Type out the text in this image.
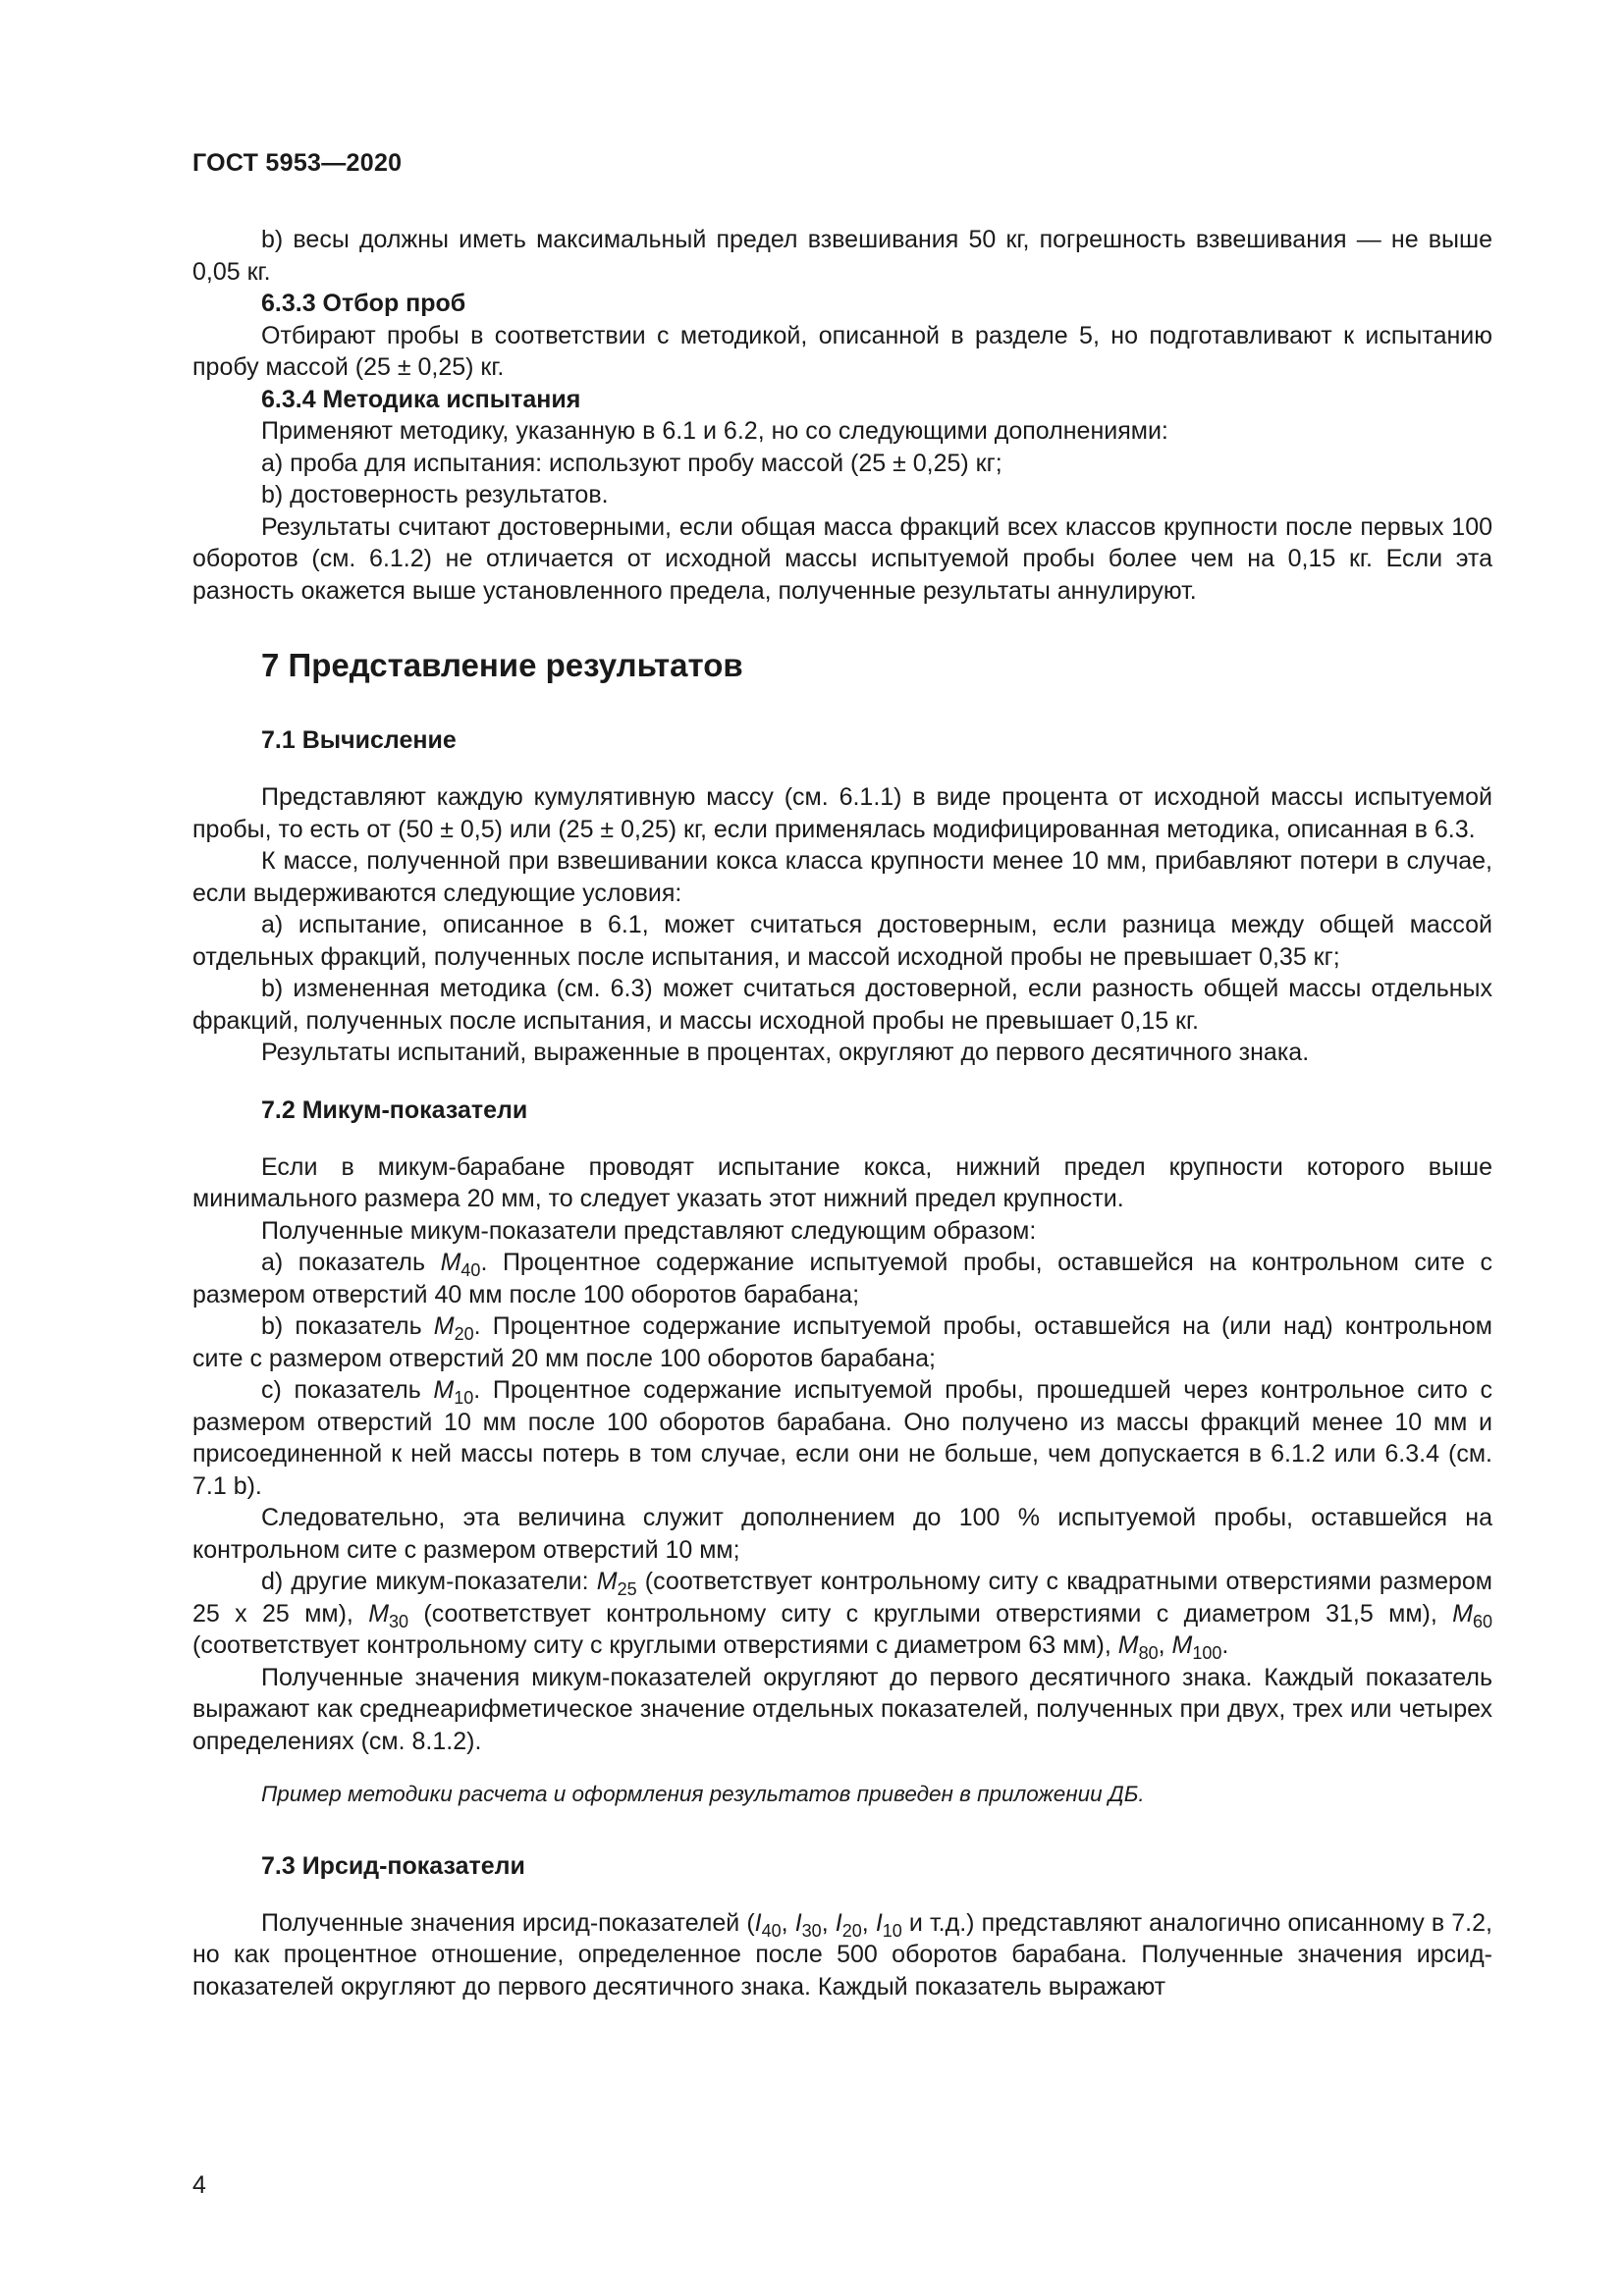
ГОСТ 5953—2020

b) весы должны иметь максимальный предел взвешивания 50 кг, погрешность взвешивания — не выше 0,05 кг.

6.3.3 Отбор проб

Отбирают пробы в соответствии с методикой, описанной в разделе 5, но подготавливают к испытанию пробу массой (25 ± 0,25) кг.

6.3.4 Методика испытания

Применяют методику, указанную в 6.1 и 6.2, но со следующими дополнениями:

а) проба для испытания: используют пробу массой (25 ± 0,25) кг;

b) достоверность результатов.

Результаты считают достоверными, если общая масса фракций всех классов крупности после первых 100 оборотов (см. 6.1.2) не отличается от исходной массы испытуемой пробы более чем на 0,15 кг. Если эта разность окажется выше установленного предела, полученные результаты аннулируют.

7 Представление результатов
7.1 Вычисление

Представляют каждую кумулятивную массу (см. 6.1.1) в виде процента от исходной массы испытуемой пробы, то есть от (50 ± 0,5) или (25 ± 0,25) кг, если применялась модифицированная методика, описанная в 6.3.

К массе, полученной при взвешивании кокса класса крупности менее 10 мм, прибавляют потери в случае, если выдерживаются следующие условия:

а) испытание, описанное в 6.1, может считаться достоверным, если разница между общей массой отдельных фракций, полученных после испытания, и массой исходной пробы не превышает 0,35 кг;

b) измененная методика (см. 6.3) может считаться достоверной, если разность общей массы отдельных фракций, полученных после испытания, и массы исходной пробы не превышает 0,15 кг.

Результаты испытаний, выраженные в процентах, округляют до первого десятичного знака.

7.2 Микум-показатели

Если в микум-барабане проводят испытание кокса, нижний предел крупности которого выше минимального размера 20 мм, то следует указать этот нижний предел крупности.

Полученные микум-показатели представляют следующим образом:

а) показатель $M_{40}$. Процентное содержание испытуемой пробы, оставшейся на контрольном сите с размером отверстий 40 мм после 100 оборотов барабана;

b) показатель $M_{20}$. Процентное содержание испытуемой пробы, оставшейся на (или над) контрольном сите с размером отверстий 20 мм после 100 оборотов барабана;

с) показатель $M_{10}$. Процентное содержание испытуемой пробы, прошедшей через контрольное сито с размером отверстий 10 мм после 100 оборотов барабана. Оно получено из массы фракций менее 10 мм и присоединенной к ней массы потерь в том случае, если они не больше, чем допускается в 6.1.2 или 6.3.4 (см. 7.1 b).

Следовательно, эта величина служит дополнением до 100 % испытуемой пробы, оставшейся на контрольном сите с размером отверстий 10 мм;

d) другие микум-показатели: $M_{25}$ (соответствует контрольному ситу с квадратными отверстиями размером 25 х 25 мм), $M_{30}$ (соответствует контрольному ситу с круглыми отверстиями с диаметром 31,5 мм), $M_{60}$ (соответствует контрольному ситу с круглыми отверстиями с диаметром 63 мм), $M_{80}$, $M_{100}$.

Полученные значения микум-показателей округляют до первого десятичного знака. Каждый показатель выражают как среднеарифметическое значение отдельных показателей, полученных при двух, трех или четырех определениях (см. 8.1.2).

Пример методики расчета и оформления результатов приведен в приложении ДБ.

7.3 Ирсид-показатели

Полученные значения ирсид-показателей ($I_{40}$, $I_{30}$, $I_{20}$, $I_{10}$ и т.д.) представляют аналогично описанному в 7.2, но как процентное отношение, определенное после 500 оборотов барабана. Полученные значения ирсид-показателей округляют до первого десятичного знака. Каждый показатель выражают

4
